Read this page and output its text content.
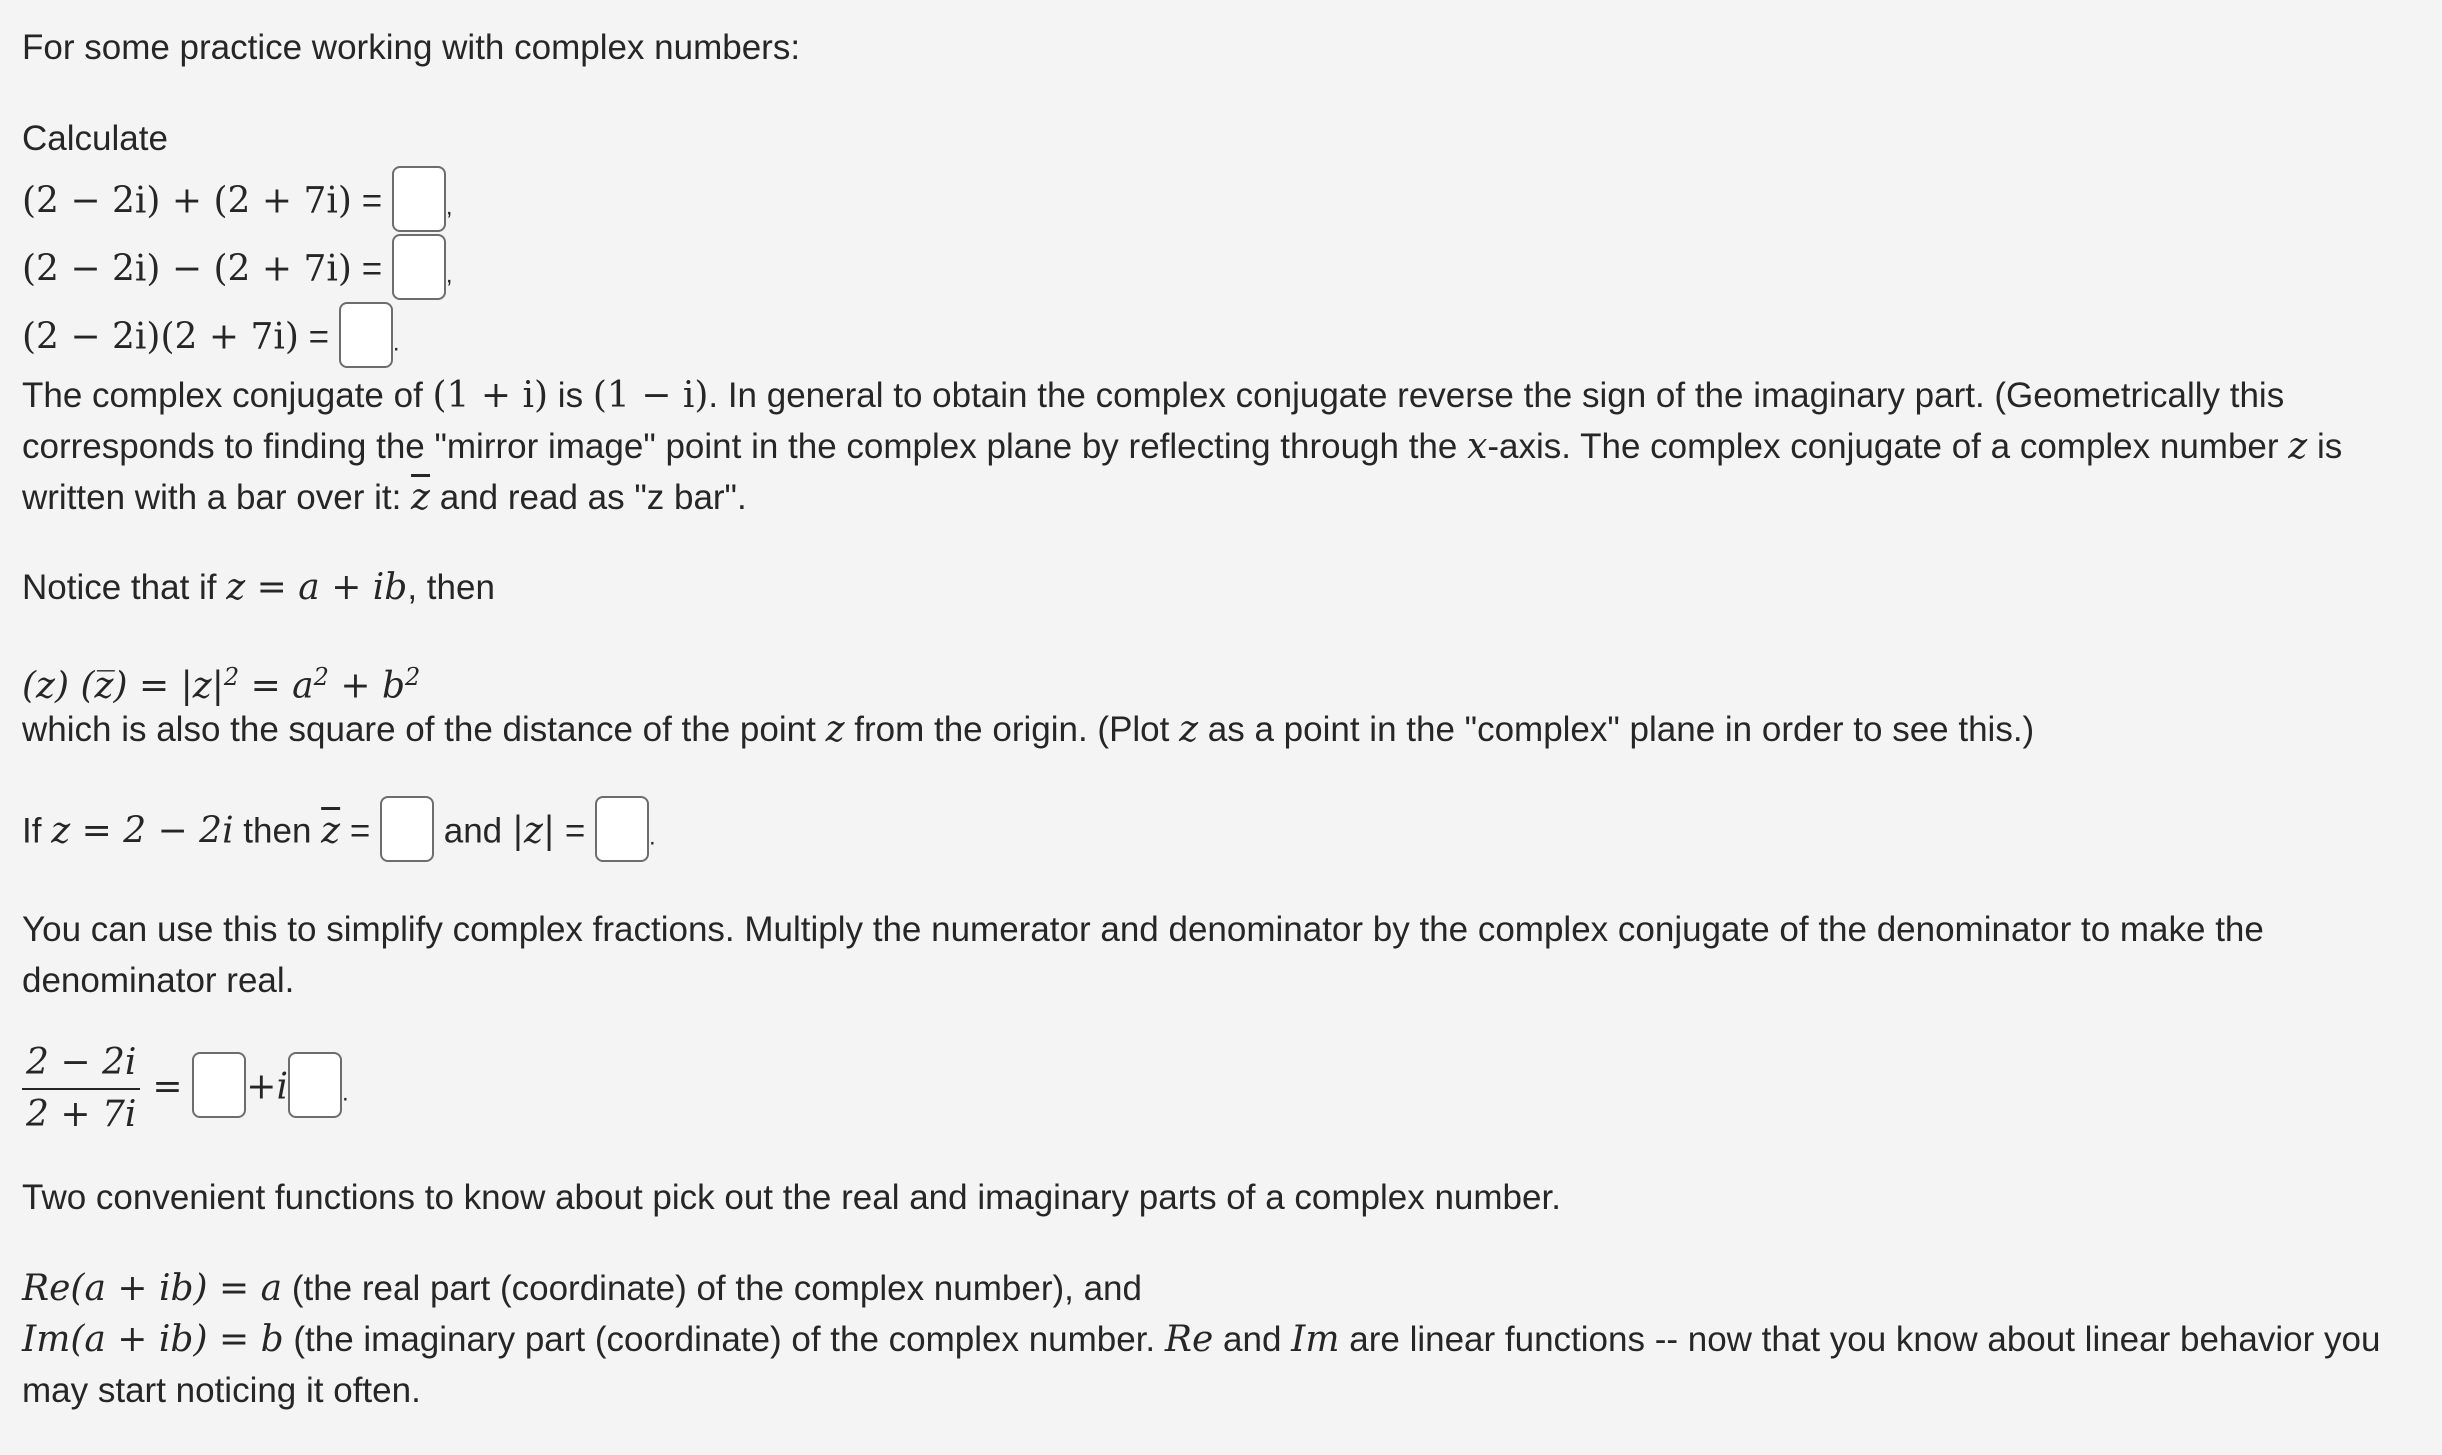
For some practice working with complex numbers:

Calculate

(2 − 2i) + (2 + 7i) =	,

(2 − 2i) − (2 + 7i) =	,

(2 − 2i)(2 + 7i) =	.

The complex conjugate of (1 + i) is (1 − i). In general to obtain the complex conjugate reverse the sign of the imaginary part. (Geometrically this corresponds to finding the "mirror image" point in the complex plane by reflecting through the x-axis. The complex conjugate of a complex number z is written with a bar over it: $\overline{z}$ and read as "z bar".

Notice that if z = a + ib, then

(z) (z̅) = $|z|^2 = a^2 + b^2$

which is also the square of the distance of the point z from the origin. (Plot z as a point in the "complex" plane in order to see this.)

If z = 2 − 2i then $\overline{z}$ =  and |z| = .

You can use this to simplify complex fractions. Multiply the numerator and denominator by the complex conjugate of the denominator to make the denominator real.

$\frac{2 - 2i}{2 + 7i} = +i$ .

Two convenient functions to know about pick out the real and imaginary parts of a complex number.

Re(a + ib) = a (the real part (coordinate) of the complex number), and

Im(a + ib) = b (the imaginary part (coordinate) of the complex number. Re and Im are linear functions -- now that you know about linear behavior you may start noticing it often.
